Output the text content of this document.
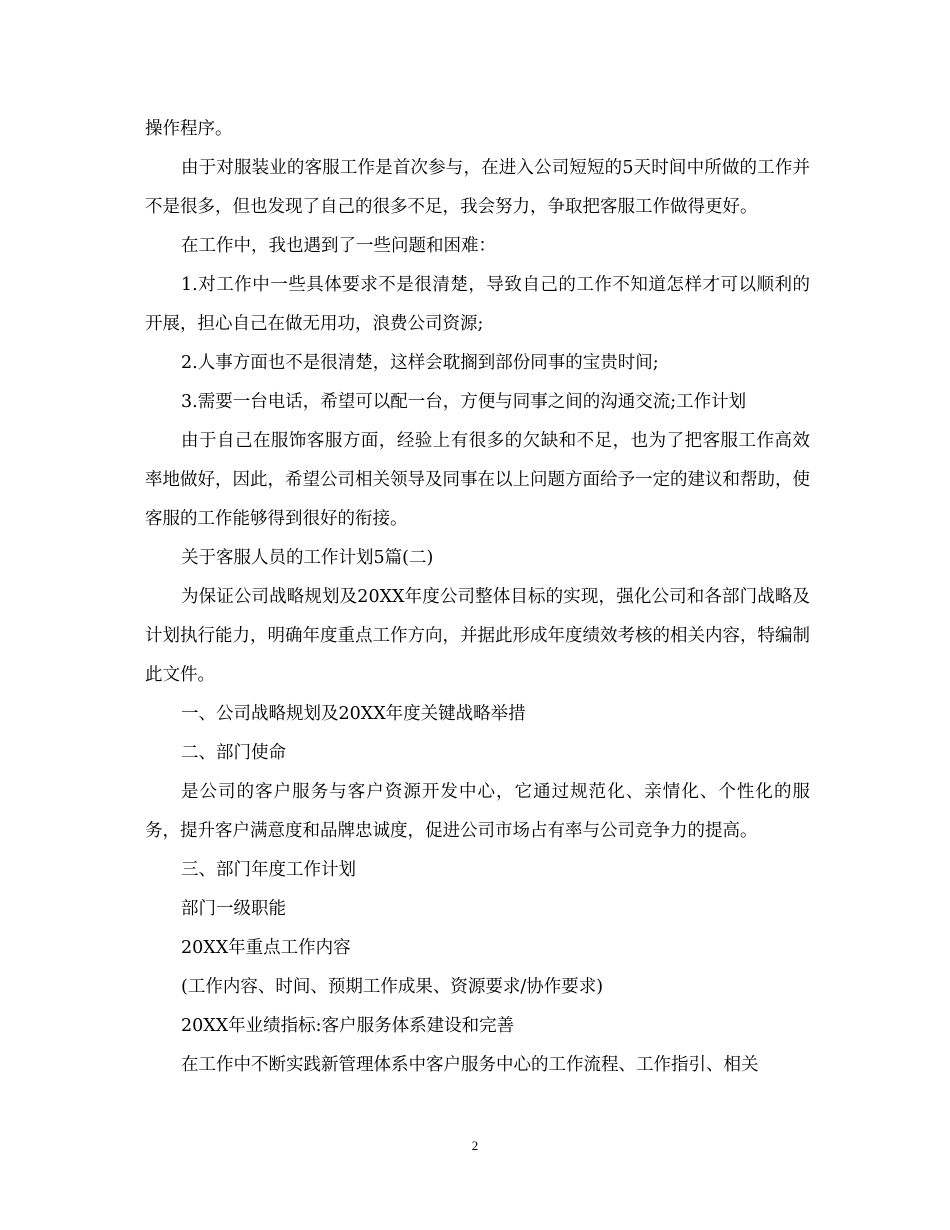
操作程序。

由于对服装业的客服工作是首次参与，在进入公司短短的5天时间中所做的工作并不是很多，但也发现了自己的很多不足，我会努力，争取把客服工作做得更好。

在工作中，我也遇到了一些问题和困难：

1.对工作中一些具体要求不是很清楚，导致自己的工作不知道怎样才可以顺利的开展，担心自己在做无用功，浪费公司资源;

2.人事方面也不是很清楚，这样会耽搁到部份同事的宝贵时间;

3.需要一台电话，希望可以配一台，方便与同事之间的沟通交流;工作计划

由于自己在服饰客服方面，经验上有很多的欠缺和不足，也为了把客服工作高效率地做好，因此，希望公司相关领导及同事在以上问题方面给予一定的建议和帮助，使客服的工作能够得到很好的衔接。

关于客服人员的工作计划5篇(二)

为保证公司战略规划及20XX年度公司整体目标的实现，强化公司和各部门战略及计划执行能力，明确年度重点工作方向，并据此形成年度绩效考核的相关内容，特编制此文件。

一、公司战略规划及20XX年度关键战略举措

二、部门使命

是公司的客户服务与客户资源开发中心，它通过规范化、亲情化、个性化的服务，提升客户满意度和品牌忠诚度，促进公司市场占有率与公司竞争力的提高。

三、部门年度工作计划

部门一级职能

20XX年重点工作内容

(工作内容、时间、预期工作成果、资源要求/协作要求)

20XX年业绩指标:客户服务体系建设和完善

在工作中不断实践新管理体系中客户服务中心的工作流程、工作指引、相关

2
